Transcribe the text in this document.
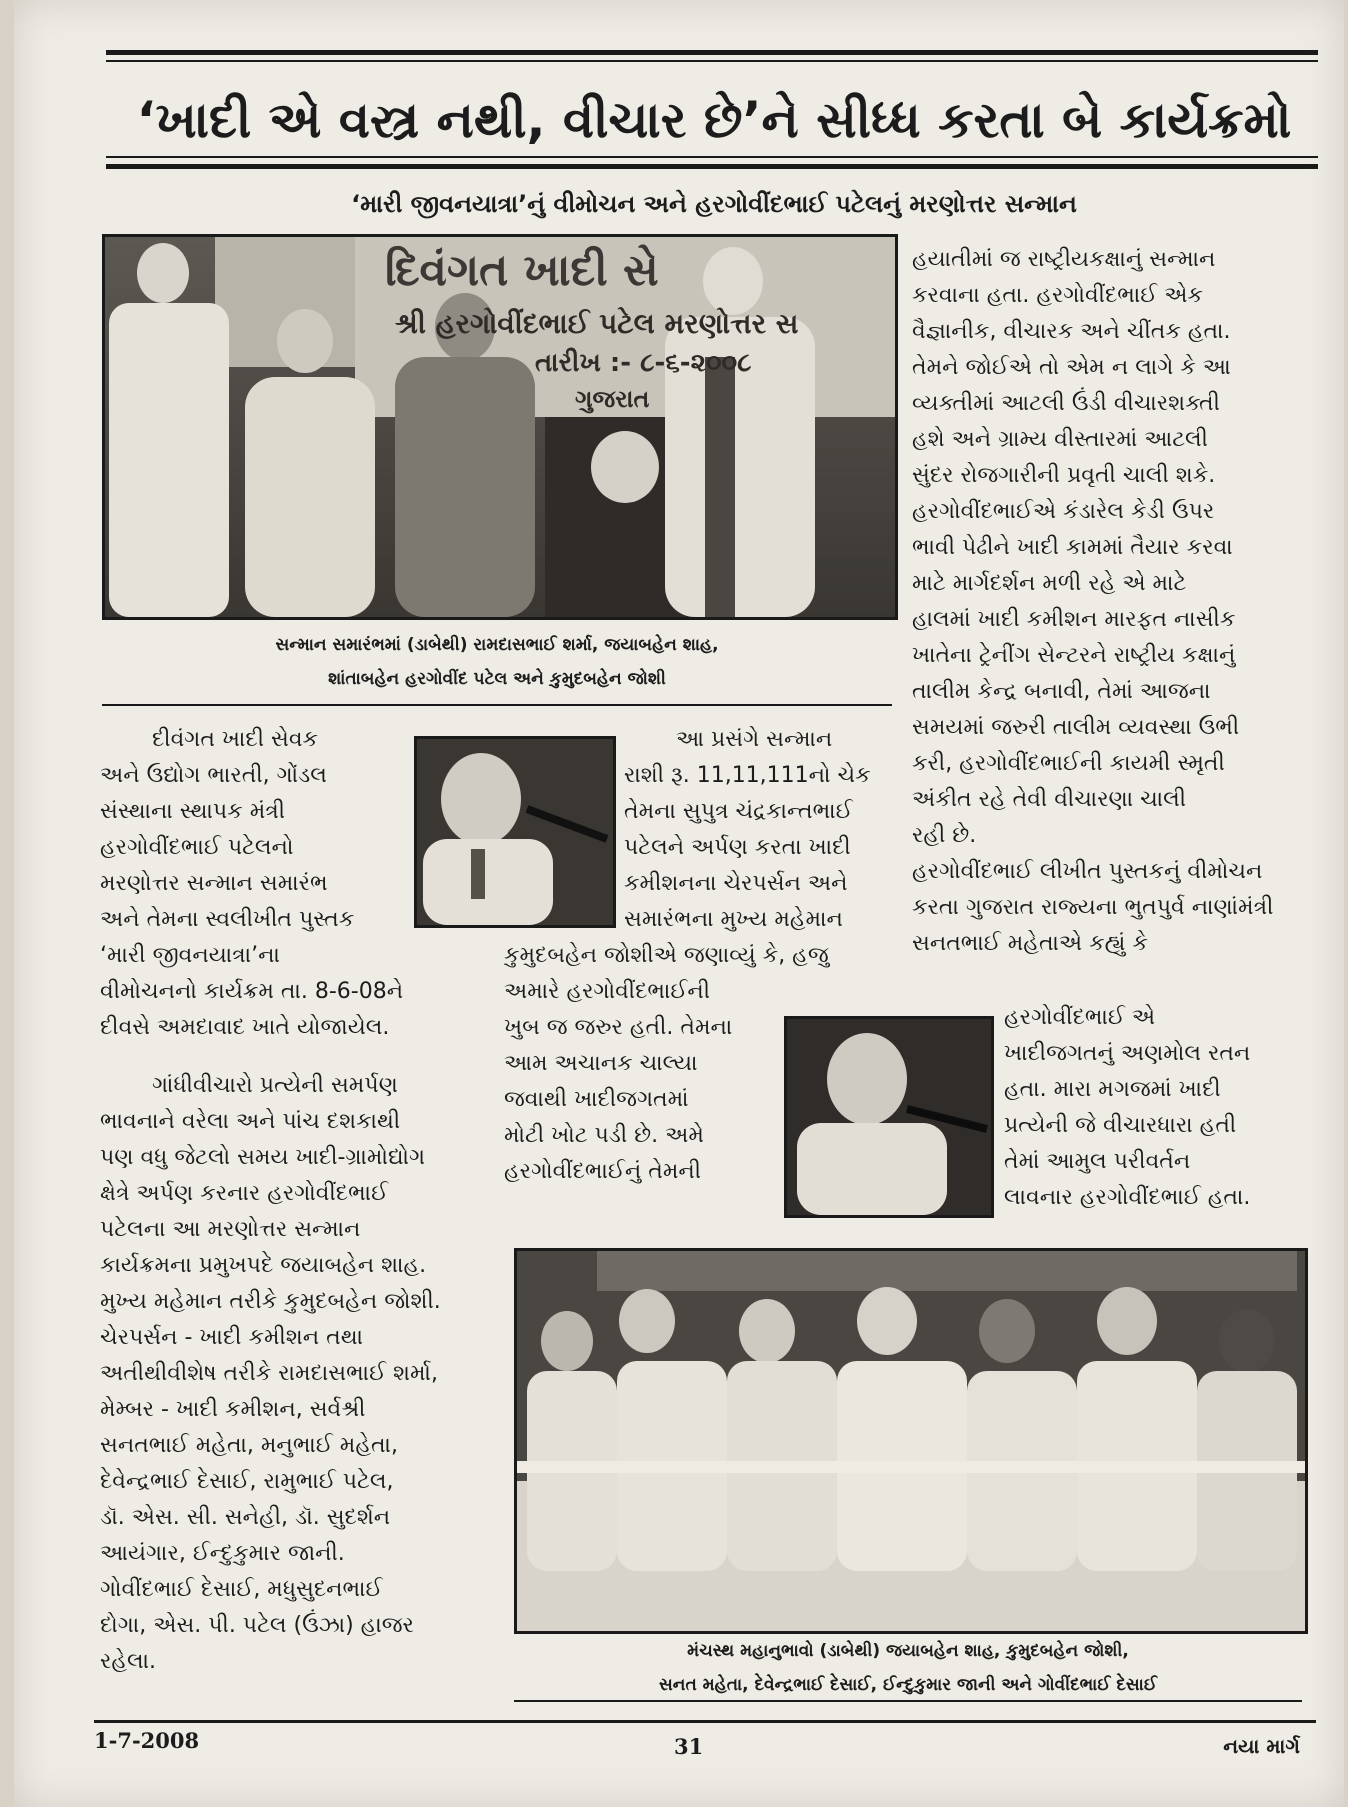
‘ખાદી એ વસ્ત્ર નથી, વીચાર છે’ને સીધ્ધ કરતા બે કાર્યક્રમો
‘મારી જીવનયાત્રા’નું વીમોચન અને હરગોવીંદભાઈ પટેલનું મરણોત્તર સન્માન
દિવંગત ખાદી સે
શ્રી હરગોવીંદભાઈ પટેલ મરણોત્તર સ
તારીખ :- ૮-૬-૨૦૦૮
ગુજરાત
સન્માન સમારંભમાં (ડાબેથી) રામદાસભાઈ શર્મા, જયાબહેન શાહ,
શાંતાબહેન હરગોવીંદ પટેલ અને કુમુદબહેન જોશી
દીવંગત ખાદી સેવક
અને ઉદ્યોગ ભારતી, ગોંડલ
સંસ્થાના સ્થાપક મંત્રી
હરગોવીંદભાઈ પટેલનો
મરણોત્તર સન્માન સમારંભ
અને તેમના સ્વલીખીત પુસ્તક
‘મારી જીવનયાત્રા’ના
વીમોચનનો કાર્યક્રમ તા. 8-6-08ને
દીવસે અમદાવાદ ખાતે યોજાયેલ.
ગાંધીવીચારો પ્રત્યેની સમર્પણ
ભાવનાને વરેલા અને પાંચ દશકાથી
પણ વધુ જેટલો સમય ખાદી-ગ્રામોદ્યોગ
ક્ષેત્રે અર્પણ કરનાર હરગોવીંદભાઈ
પટેલના આ મરણોત્તર સન્માન
કાર્યક્રમના પ્રમુખપદે જયાબહેન શાહ.
મુખ્ય મહેમાન તરીકે કુમુદબહેન જોશી.
ચેરપર્સન - ખાદી કમીશન તથા
અતીથીવીશેષ તરીકે રામદાસભાઈ શર્મા,
મેમ્બર - ખાદી કમીશન, સર્વશ્રી
સનતભાઈ મહેતા, મનુભાઈ મહેતા,
દેવેન્દ્રભાઈ દેસાઈ, રામુભાઈ પટેલ,
ડૉ. એસ. સી. સનેહી, ડૉ. સુદર્શન
આયંગાર, ઈન્દુકુમાર જાની.
ગોવીંદભાઈ દેસાઈ, મધુસુદનભાઈ
દોગા, એસ. પી. પટેલ (ઉંઝા) હાજર
રહેલા.
આ પ્રસંગે સન્માન
રાશી રૂ. 11,11,111નો ચેક
તેમના સુપુત્ર ચંદ્રકાન્તભાઈ
પટેલને અર્પણ કરતા ખાદી
કમીશનના ચેરપર્સન અને
સમારંભના મુખ્ય મહેમાન
કુમુદબહેન જોશીએ જણાવ્યું કે, હજુ
અમારે હરગોવીંદભાઈની
ખુબ જ જરુર હતી. તેમના
આમ અચાનક ચાલ્યા
જવાથી ખાદીજગતમાં
મોટી ખોટ પડી છે. અમે
હરગોવીંદભાઈનું તેમની
હયાતીમાં જ રાષ્ટ્રીયકક્ષાનું સન્માન
કરવાના હતા. હરગોવીંદભાઈ એક
વૈજ્ઞાનીક, વીચારક અને ચીંતક હતા.
તેમને જોઈએ તો એમ ન લાગે કે આ
વ્યક્તીમાં આટલી ઉંડી વીચારશક્તી
હશે અને ગ્રામ્ય વીસ્તારમાં આટલી
સુંદર રોજગારીની પ્રવૃતી ચાલી શકે.
હરગોવીંદભાઈએ કંડારેલ કેડી ઉપર
ભાવી પેઢીને ખાદી કામમાં તૈયાર કરવા
માટે માર્ગદર્શન મળી રહે એ માટે
હાલમાં ખાદી કમીશન મારફત નાસીક
ખાતેના ટ્રેનીંગ સેન્ટરને રાષ્ટ્રીય કક્ષાનું
તાલીમ કેન્દ્ર બનાવી, તેમાં આજના
સમયમાં જરુરી તાલીમ વ્યવસ્થા ઉભી
કરી, હરગોવીંદભાઈની કાયમી સ્મૃતી
અંકીત રહે તેવી વીચારણા ચાલી
રહી છે.
હરગોવીંદભાઈ લીખીત પુસ્તકનું વીમોચન
કરતા ગુજરાત રાજ્યના ભુતપુર્વ નાણાંમંત્રી
સનતભાઈ મહેતાએ કહ્યું કે
હરગોવીંદભાઈ એ
ખાદીજગતનું અણમોલ રતન
હતા. મારા મગજમાં ખાદી
પ્રત્યેની જે વીચારધારા હતી
તેમાં આમુલ પરીવર્તન
લાવનાર હરગોવીંદભાઈ હતા.
મંચસ્થ મહાનુભાવો (ડાબેથી) જયાબહેન શાહ, કુમુદબહેન જોશી,
સનત મહેતા, દેવેન્દ્રભાઈ દેસાઈ, ઈન્દુકુમાર જાની અને ગોવીંદભાઈ દેસાઈ
1-7-2008	31	નયા માર્ગ
